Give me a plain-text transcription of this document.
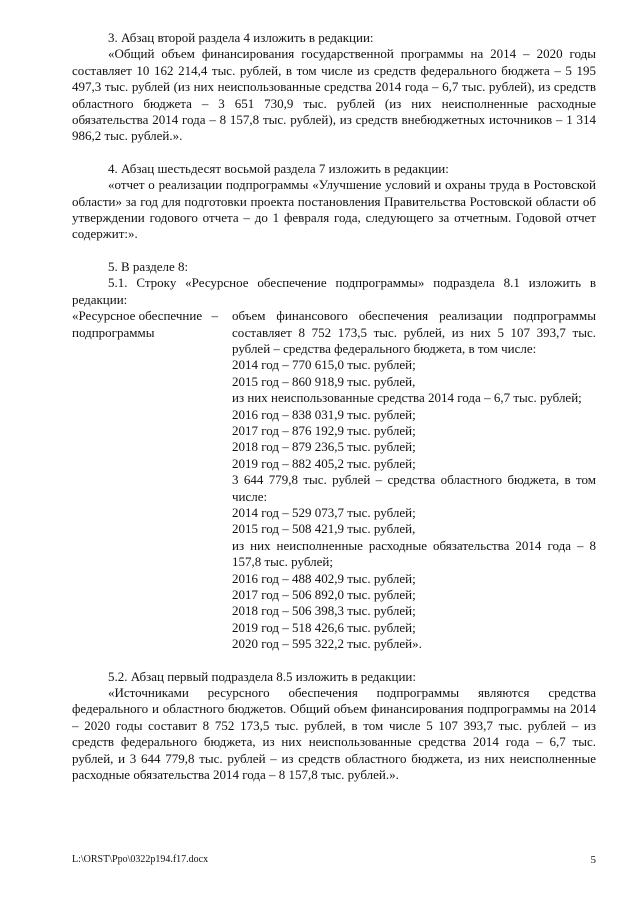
3. Абзац второй раздела 4 изложить в редакции:

«Общий объем финансирования государственной программы на 2014 – 2020 годы составляет 10 162 214,4 тыс. рублей, в том числе из средств федерального бюджета – 5 195 497,3 тыс. рублей (из них неиспользованные средства 2014 года – 6,7 тыс. рублей), из средств областного бюджета – 3 651 730,9 тыс. рублей (из них неисполненные расходные обязательства 2014 года – 8 157,8 тыс. рублей), из средств внебюджетных источников – 1 314 986,2 тыс. рублей.».

4. Абзац шестьдесят восьмой раздела 7 изложить в редакции:

«отчет о реализации подпрограммы «Улучшение условий и охраны труда в Ростовской области» за год для подготовки проекта постановления Правительства Ростовской области об утверждении годового отчета – до 1 февраля года, следующего за отчетным. Годовой отчет содержит:».

5. В разделе 8:

5.1. Строку «Ресурсное обеспечение подпрограммы» подраздела 8.1 изложить в редакции:

«Ресурсное обеспечние подпрограммы
– объем финансового обеспечения реализации подпрограммы составляет 8 752 173,5 тыс. рублей, из них 5 107 393,7 тыс. рублей – средства федерального бюджета, в том числе:

2014 год – 770 615,0 тыс. рублей;

2015 год – 860 918,9 тыс. рублей,

из них неиспользованные средства 2014 года – 6,7 тыс. рублей;

2016 год – 838 031,9 тыс. рублей;

2017 год – 876 192,9 тыс. рублей;

2018 год – 879 236,5 тыс. рублей;

2019 год – 882 405,2 тыс. рублей;

3 644 779,8 тыс. рублей – средства областного бюджета, в том числе:

2014 год – 529 073,7 тыс. рублей;

2015 год – 508 421,9 тыс. рублей,

из них неисполненные расходные обязательства 2014 года – 8 157,8 тыс. рублей;

2016 год – 488 402,9 тыс. рублей;

2017 год – 506 892,0 тыс. рублей;

2018 год – 506 398,3 тыс. рублей;

2019 год – 518 426,6 тыс. рублей;

2020 год – 595 322,2 тыс. рублей».

5.2. Абзац первый подраздела 8.5 изложить в редакции:

«Источниками ресурсного обеспечения подпрограммы являются средства федерального и областного бюджетов. Общий объем финансирования подпрограммы на 2014 – 2020 годы составит 8 752 173,5 тыс. рублей, в том числе 5 107 393,7 тыс. рублей – из средств федерального бюджета, из них неиспользованные средства 2014 года – 6,7 тыс. рублей, и 3 644 779,8 тыс. рублей – из средств областного бюджета, из них неисполненные расходные обязательства 2014 года – 8 157,8 тыс. рублей.».

L:\ORST\Ppo\0322p194.f17.docx	5
